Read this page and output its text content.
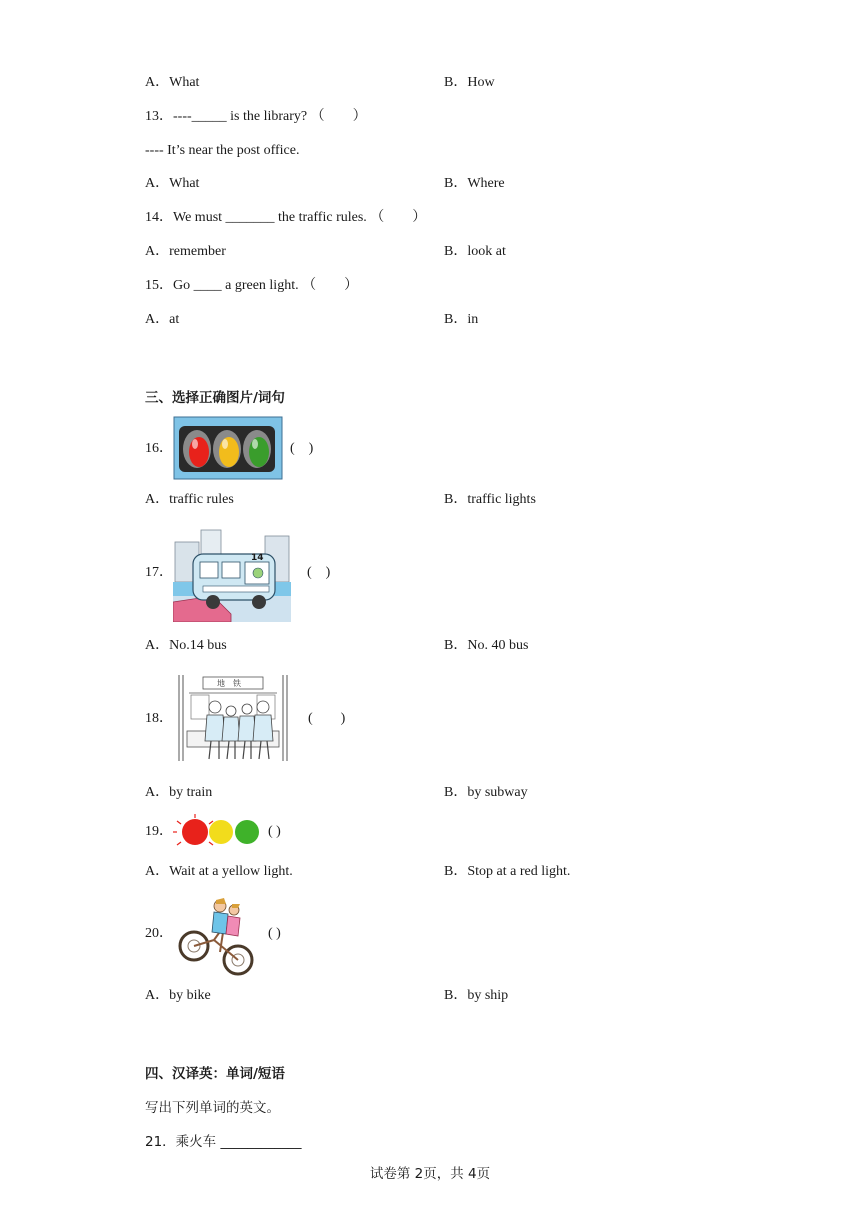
A．What	B．How
13．----_____ is the library? （　　）
---- It’s near the post office.
A．What	B．Where
14．We must _______ the traffic rules. （　　）
A．remember	B．look at
15．Go ____ a green light. （　　）
A．at	B．in
三、选择正确图片/词句
16．	(　)
A．traffic rules	B．traffic lights
17．
14
(　)
A．No.14 bus	B．No. 40 bus
18．
地　铁
(　　)
A．by train	B．by subway
19．	( )
A．Wait at a yellow light.	B．Stop at a red light.
20．	( )
A．by bike	B．by ship
四、汉译英：单词/短语
写出下列单词的英文。
21．乘火车 ____________
试卷第 2页，共 4页
